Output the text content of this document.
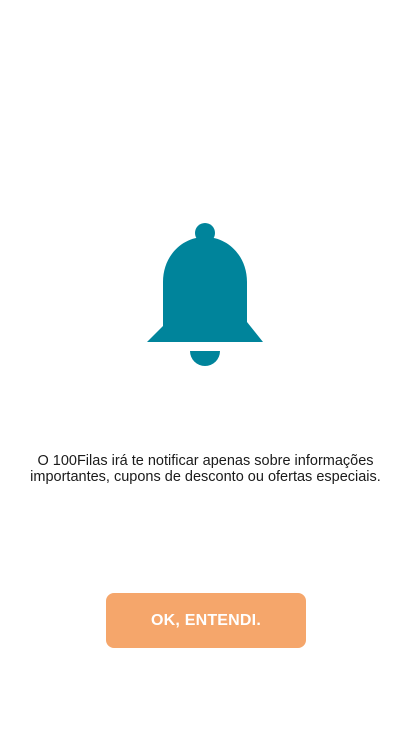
O 100Filas irá te notificar apenas sobre informações importantes, cupons de desconto ou ofertas especiais.

OK, ENTENDI.
